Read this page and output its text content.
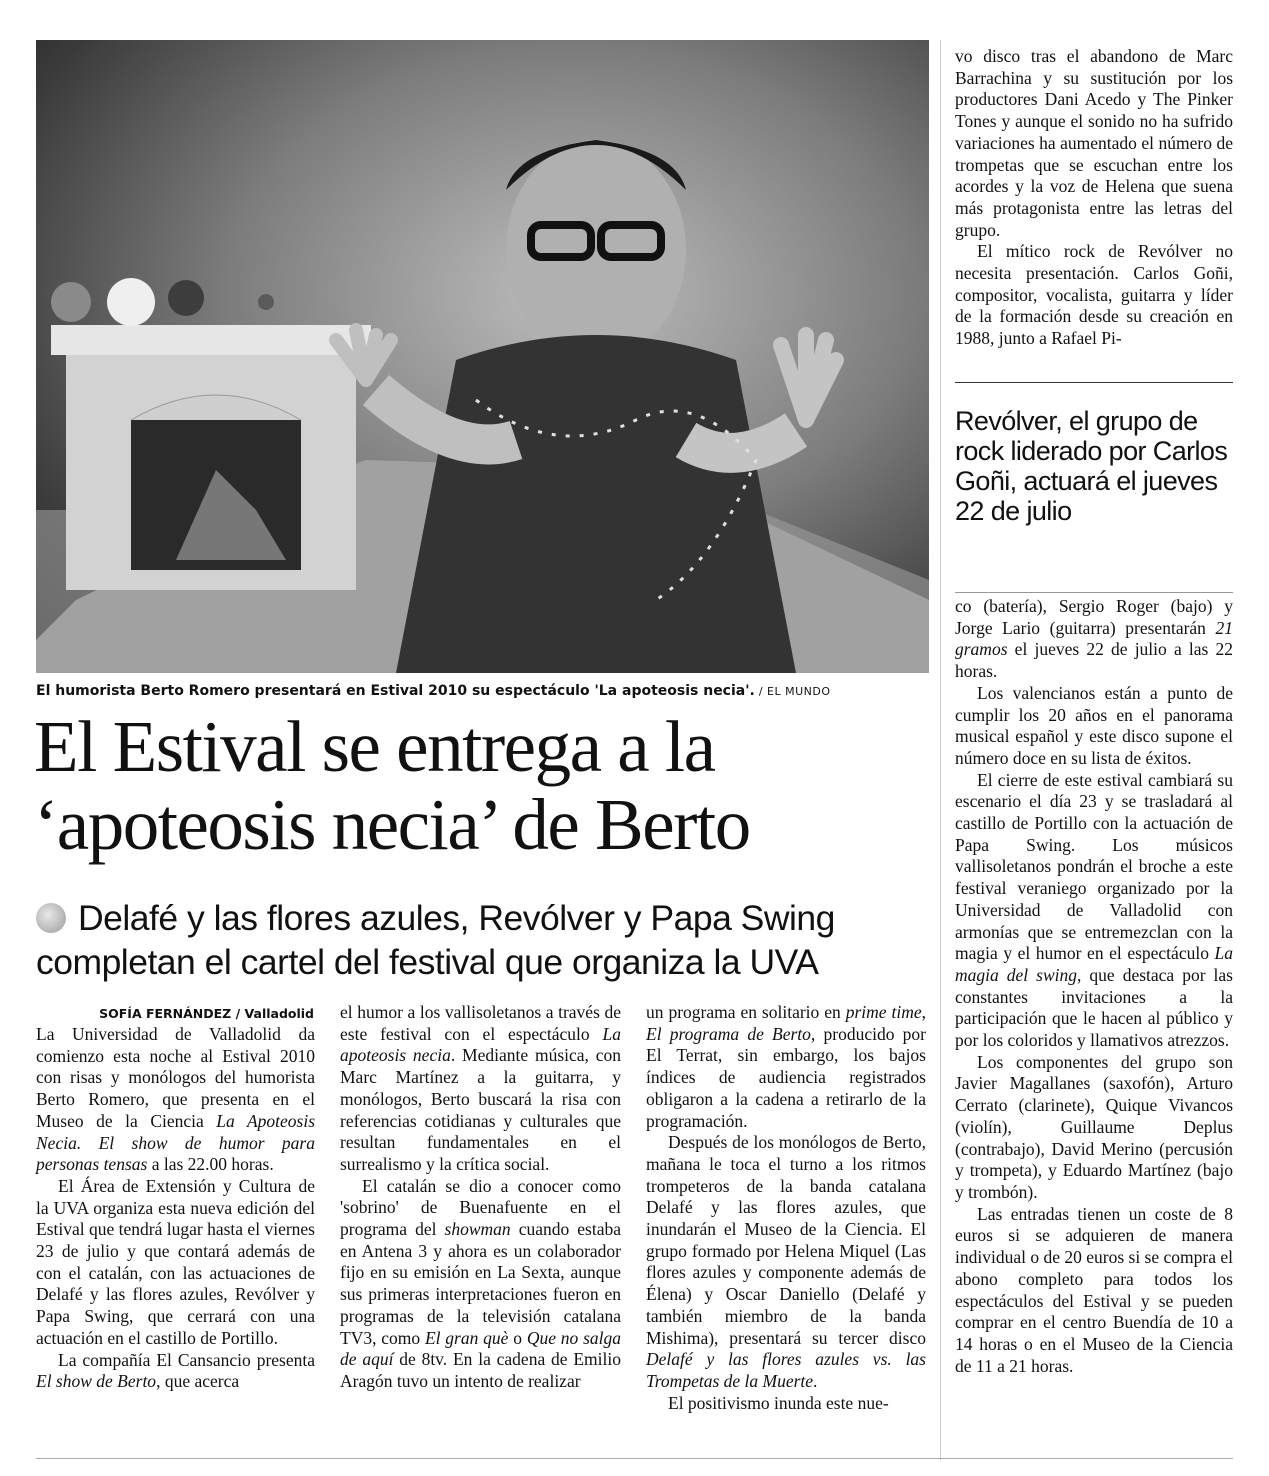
El humorista Berto Romero presentará en Estival 2010 su espectáculo 'La apoteosis necia'. / EL MUNDO
El Estival se entrega a la
‘apoteosis necia’ de Berto
Delafé y las flores azules, Revólver y Papa Swing
completan el cartel del festival que organiza la UVA
SOFÍA FERNÁNDEZ / Valladolid

La Universidad de Valladolid da comienzo esta noche al Estival 2010 con risas y monólogos del humorista Berto Romero, que presenta en el Museo de la Ciencia La Apoteosis Necia. El show de humor para personas tensas a las 22.00 horas.

El Área de Extensión y Cultura de la UVA organiza esta nueva edición del Estival que tendrá lugar hasta el viernes 23 de julio y que contará además de con el catalán, con las actuaciones de Delafé y las flores azules, Revólver y Papa Swing, que cerrará con una actuación en el castillo de Portillo.

La compañía El Cansancio presenta El show de Berto, que acerca

el humor a los vallisoletanos a través de este festival con el espectáculo La apoteosis necia. Mediante música, con Marc Martínez a la guitarra, y monólogos, Berto buscará la risa con referencias cotidianas y culturales que resultan fundamentales en el surrealismo y la crítica social.

El catalán se dio a conocer como 'sobrino' de Buenafuente en el programa del showman cuando estaba en Antena 3 y ahora es un colaborador fijo en su emisión en La Sexta, aunque sus primeras interpretaciones fueron en programas de la televisión catalana TV3, como El gran què o Que no salga de aquí de 8tv. En la cadena de Emilio Aragón tuvo un intento de realizar

un programa en solitario en prime time, El programa de Berto, producido por El Terrat, sin embargo, los bajos índices de audiencia registrados obligaron a la cadena a retirarlo de la programación.

Después de los monólogos de Berto, mañana le toca el turno a los ritmos trompeteros de la banda catalana Delafé y las flores azules, que inundarán el Museo de la Ciencia. El grupo formado por Helena Miquel (Las flores azules y componente además de Élena) y Oscar Daniello (Delafé y también miembro de la banda Mishima), presentará su tercer disco Delafé y las flores azules vs. las Trompetas de la Muerte.

El positivismo inunda este nue-

vo disco tras el abandono de Marc Barrachina y su sustitución por los productores Dani Acedo y The Pinker Tones y aunque el sonido no ha sufrido variaciones ha aumentado el número de trompetas que se escuchan entre los acordes y la voz de Helena que suena más protagonista entre las letras del grupo.

El mítico rock de Revólver no necesita presentación. Carlos Goñi, compositor, vocalista, guitarra y líder de la formación desde su creación en 1988, junto a Rafael Pi-

Revólver, el grupo de rock liderado por Carlos Goñi, actuará el jueves 22 de julio

co (batería), Sergio Roger (bajo) y Jorge Lario (guitarra) presentarán 21 gramos el jueves 22 de julio a las 22 horas.

Los valencianos están a punto de cumplir los 20 años en el panorama musical español y este disco supone el número doce en su lista de éxitos.

El cierre de este estival cambiará su escenario el día 23 y se trasladará al castillo de Portillo con la actuación de Papa Swing. Los músicos vallisoletanos pondrán el broche a este festival veraniego organizado por la Universidad de Valladolid con armonías que se entremezclan con la magia y el humor en el espectáculo La magia del swing, que destaca por las constantes invitaciones a la participación que le hacen al público y por los coloridos y llamativos atrezzos.

Los componentes del grupo son Javier Magallanes (saxofón), Arturo Cerrato (clarinete), Quique Vivancos (violín), Guillaume Deplus (contrabajo), David Merino (percusión y trompeta), y Eduardo Martínez (bajo y trombón).

Las entradas tienen un coste de 8 euros si se adquieren de manera individual o de 20 euros si se compra el abono completo para todos los espectáculos del Estival y se pueden comprar en el centro Buendía de 10 a 14 horas o en el Museo de la Ciencia de 11 a 21 horas.
